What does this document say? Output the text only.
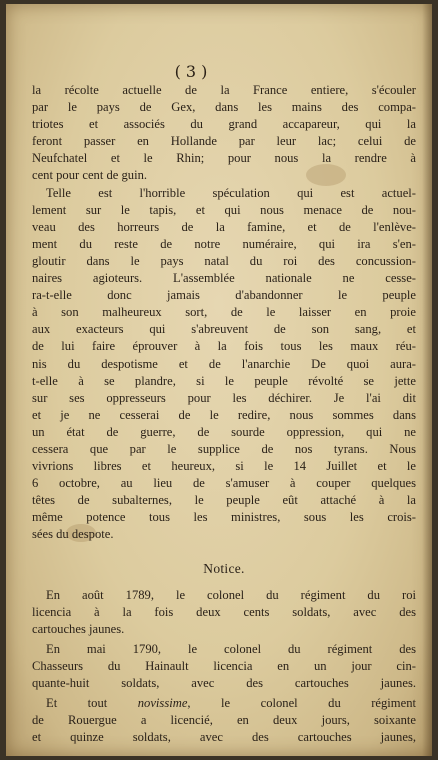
( 3 )
la récolte actuelle de la France entiere, s'écouler
par le pays de Gex, dans les mains des compa-
triotes et associés du grand accapareur, qui la
feront passer en Hollande par leur lac; celui de
Neufchatel et le Rhin; pour nous la rendre à
cent pour cent de guin.
Telle est l'horrible spéculation qui est actuel-
lement sur le tapis, et qui nous menace de nou-
veau des horreurs de la famine, et de l'enlève-
ment du reste de notre numéraire, qui ira s'en-
gloutir dans le pays natal du roi des concussion-
naires agioteurs. L'assemblée nationale ne cesse-
ra-t-elle donc jamais d'abandonner le peuple
à son malheureux sort, de le laisser en proie
aux exacteurs qui s'abreuvent de son sang, et
de lui faire éprouver à la fois tous les maux réu-
nis du despotisme et de l'anarchie De quoi aura-
t-elle à se plandre, si le peuple révolté se jette
sur ses oppresseurs pour les déchirer. Je l'ai dit
et je ne cesserai de le redire, nous sommes dans
un état de guerre, de sourde oppression, qui ne
cessera que par le supplice de nos tyrans. Nous
vivrions libres et heureux, si le 14 Juillet et le
6 octobre, au lieu de s'amuser à couper quelques
têtes de subalternes, le peuple eût attaché à la
même potence tous les ministres, sous les crois-
sées du despote.
Notice.
En août 1789, le colonel du régiment du roi
licencia à la fois deux cents soldats, avec des
cartouches jaunes.
En mai 1790, le colonel du régiment des
Chasseurs du Hainault licencia en un jour cin-
quante-huit soldats, avec des cartouches jaunes.
Et tout novissime, le colonel du régiment
de Rouergue a licencié, en deux jours, soixante
et quinze soldats, avec des cartouches jaunes,
